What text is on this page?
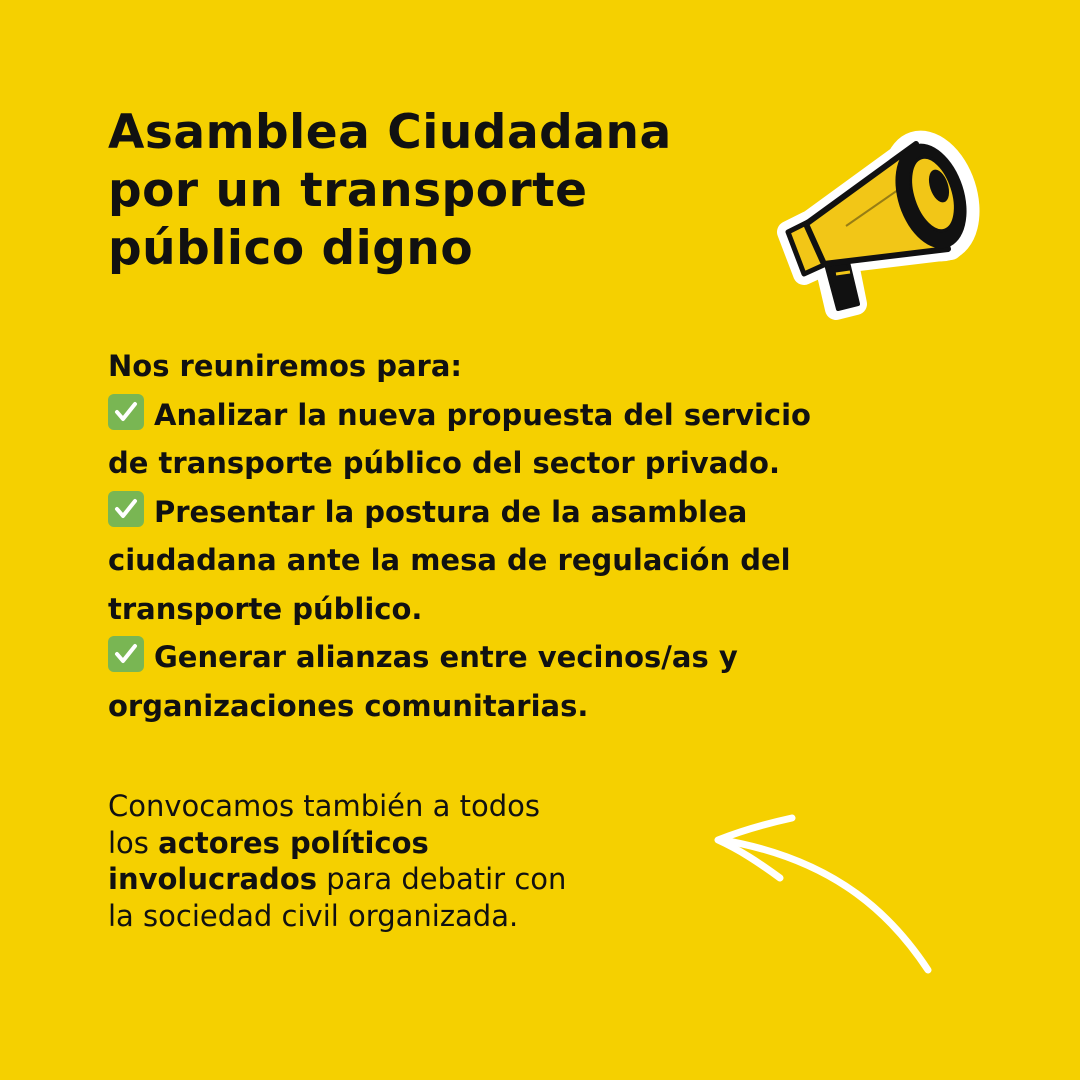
Asamblea Ciudadana
por un transporte
público digno
Nos reuniremos para:
Analizar la nueva propuesta del servicio
de transporte público del sector privado.
Presentar la postura de la asamblea
ciudadana ante la mesa de regulación del
transporte público.
Generar alianzas entre vecinos/as y
organizaciones comunitarias.
Convocamos también a todos
los actores políticos
involucrados para debatir con
la sociedad civil organizada.
